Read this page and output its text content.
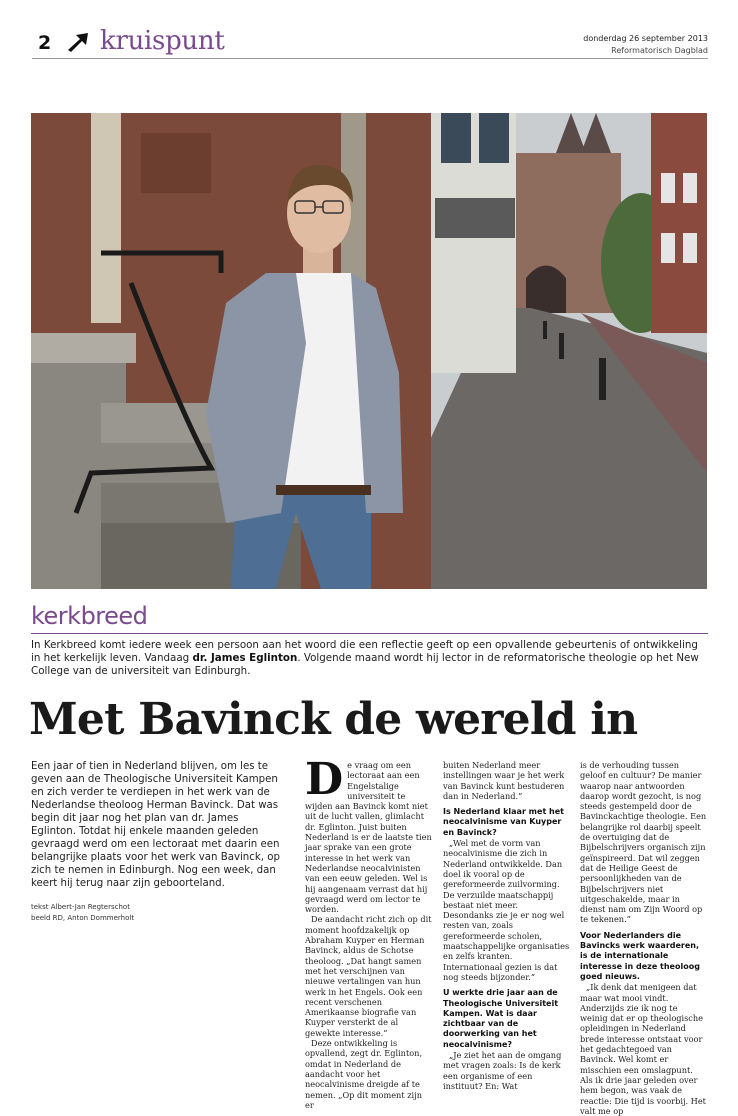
2 kruispunt	donderdag 26 september 2013
Reformatorisch Dagblad
kerkbreed
In Kerkbreed komt iedere week een persoon aan het woord die een reflectie geeft op een opvallende gebeurtenis of ontwikkeling in het kerkelijk leven. Vandaag dr. James Eglinton. Volgende maand wordt hij lector in de reformatorische theologie op het New College van de universiteit van Edinburgh.
Met Bavinck de wereld in

Een jaar of tien in Nederland blijven, om les te geven aan de Theologische Universiteit Kampen en zich verder te verdiepen in het werk van de Nederlandse theoloog Herman Bavinck. Dat was begin dit jaar nog het plan van dr. James Eglinton. Totdat hij enkele maanden geleden gevraagd werd om een lectoraat met daarin een belangrijke plaats voor het werk van Bavinck, op zich te nemen in Edinburgh. Nog een week, dan keert hij terug naar zijn geboorteland.

tekst Albert-Jan Regterschot
beeld RD, Anton Dommerholt

De vraag om een lectoraat aan een Engelstalige universiteit te wijden aan Bavinck komt niet uit de lucht vallen, glimlacht dr. Eglinton. Juist buiten Nederland is er de laatste tien jaar sprake van een grote interesse in het werk van Nederlandse neocalvinisten van een eeuw geleden. Wel is hij aangenaam verrast dat hij gevraagd werd om lector te worden.

De aandacht richt zich op dit moment hoofdzakelijk op Abraham Kuyper en Herman Bavinck, aldus de Schotse theoloog. „Dat hangt samen met het verschijnen van nieuwe vertalingen van hun werk in het Engels. Ook een recent verschenen Amerikaanse biografie van Kuyper versterkt de al gewekte interesse.”

Deze ontwikkeling is opvallend, zegt dr. Eglinton, omdat in Nederland de aandacht voor het neocalvinisme dreigde af te nemen. „Op dit moment zijn er

buiten Nederland meer instellingen waar je het werk van Bavinck kunt bestuderen dan in Nederland.”

Is Nederland klaar met het neocalvinisme van Kuyper en Bavinck?

„Wel met de vorm van neocalvinisme die zich in Nederland ontwikkelde. Dan doel ik vooral op de gereformeerde zuilvorming. De verzuilde maatschappij bestaat niet meer. Desondanks zie je er nog wel resten van, zoals gereformeerde scholen, maatschappelijke organisaties en zelfs kranten. Internationaal gezien is dat nog steeds bijzonder.”

U werkte drie jaar aan de Theologische Universiteit Kampen. Wat is daar zichtbaar van de doorwerking van het neocalvinisme?

„Je ziet het aan de omgang met vragen zoals: Is de kerk een organisme of een instituut? En: Wat

is de verhouding tussen geloof en cultuur? De manier waarop naar antwoorden daarop wordt gezocht, is nog steeds gestempeld door de Bavinckachtige theologie. Een belangrijke rol daarbij speelt de overtuiging dat de Bijbelschrijvers organisch zijn geïnspireerd. Dat wil zeggen dat de Heilige Geest de persoonlijkheden van de Bijbelschrijvers niet uitgeschakelde, maar in dienst nam om Zijn Woord op te tekenen.”

Voor Nederlanders die Bavincks werk waarderen, is de internationale interesse in deze theoloog goed nieuws.

„Ik denk dat menigeen dat maar wat mooi vindt. Anderzijds zie ik nog te weinig dat er op theologische opleidingen in Nederland brede interesse ontstaat voor het gedachtegoed van Bavinck. Wel komt er misschien een omslagpunt. Als ik drie jaar geleden over hem begon, was vaak de reactie: Die tijd is voorbij. Het valt me op
